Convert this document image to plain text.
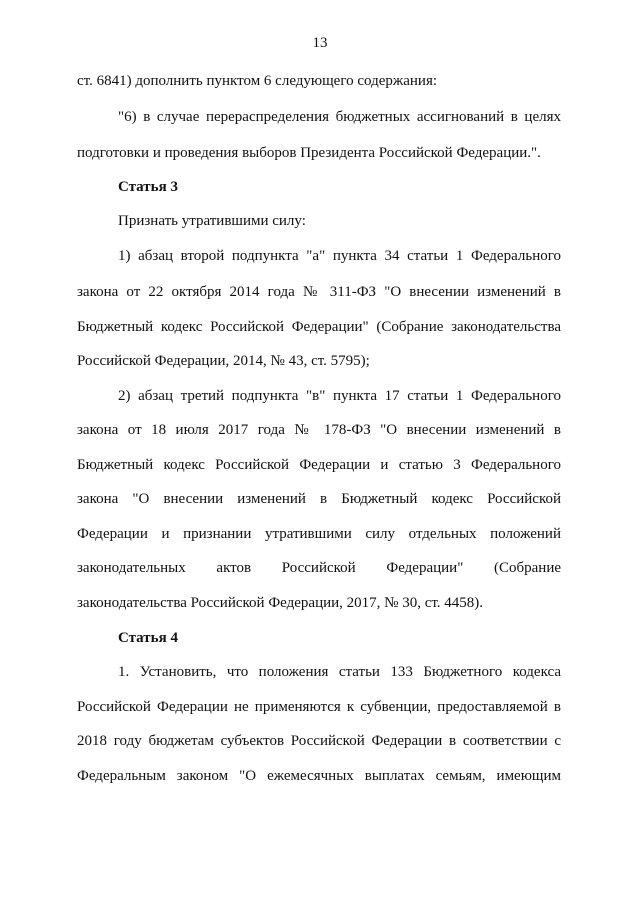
13
ст. 6841) дополнить пунктом 6 следующего содержания:
"6) в случае перераспределения бюджетных ассигнований в целях
подготовки и проведения выборов Президента Российской Федерации.".
Статья 3
Признать утратившими силу:
1) абзац второй подпункта "а" пункта 34 статьи 1 Федерального
закона от 22 октября 2014 года № 311-ФЗ "О внесении изменений в
Бюджетный кодекс Российской Федерации" (Собрание законодательства
Российской Федерации, 2014, № 43, ст. 5795);
2) абзац третий подпункта "в" пункта 17 статьи 1 Федерального
закона от 18 июля 2017 года № 178-ФЗ "О внесении изменений в
Бюджетный кодекс Российской Федерации и статью 3 Федерального
закона "О внесении изменений в Бюджетный кодекс Российской
Федерации и признании утратившими силу отдельных положений
законодательных актов Российской Федерации" (Собрание
законодательства Российской Федерации, 2017, № 30, ст. 4458).
Статья 4
1. Установить, что положения статьи 133 Бюджетного кодекса
Российской Федерации не применяются к субвенции, предоставляемой в
2018 году бюджетам субъектов Российской Федерации в соответствии с
Федеральным законом "О ежемесячных выплатах семьям, имеющим
